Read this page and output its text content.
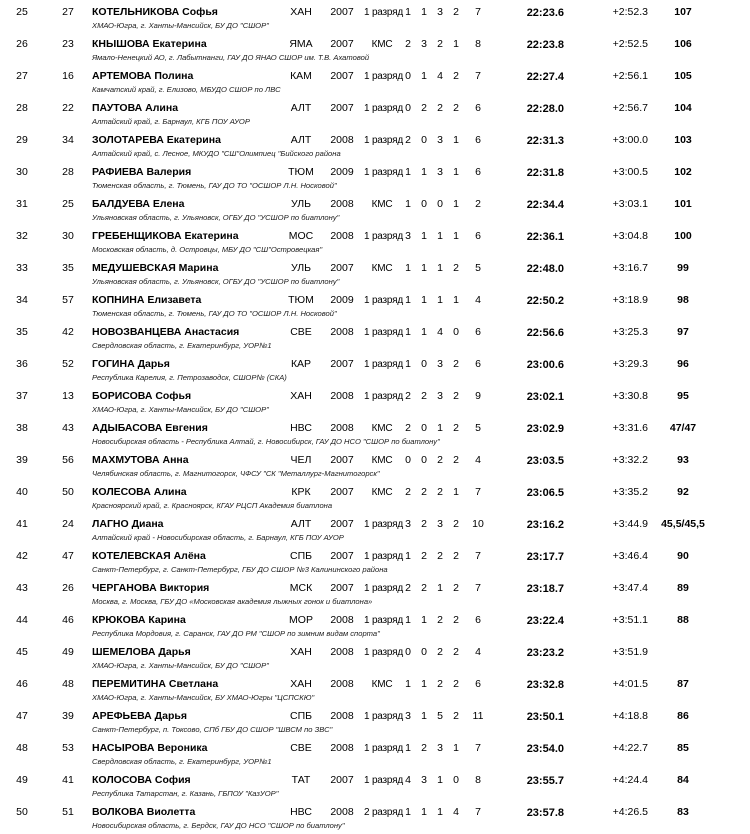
25	27	КОТЕЛЬНИКОВА Софья
ХМАО-Югра, г. Ханты-Мансийск, БУ ДО "СШОР"
ХАН	2007	1 разряд 1 1 3 2	7	22:23.6	+2:52.3	107
26	23	КНЫШОВА Екатерина
Ямало-Ненецкий АО, г. Лабытнанги, ГАУ ДО ЯНАО СШОР им. Т.В. Ахатовой
ЯМА	2007	КМС	2 3 2 1	8	22:23.8	+2:52.5	106
27	16	АРТЕМОВА Полина
Камчатский край, г. Елизово, МБУДО СШОР по ЛВС
КАМ	2007	1 разряд 0 1 4 2	7	22:27.4	+2:56.1	105
28	22	ПАУТОВА Алина
Алтайский край, г. Барнаул, КГБ ПОУ АУОР
АЛТ	2007	1 разряд 0 2 2 2	6	22:28.0	+2:56.7	104
29	34	ЗОЛОТАРЕВА Екатерина
Алтайский край, с. Лесное, МКУДО "СШ"Олимпиец "Бийского района
АЛТ	2008	1 разряд 2 0 3 1	6	22:31.3	+3:00.0	103
30	28	РАФИЕВА Валерия
Тюменская область, г. Тюмень, ГАУ ДО ТО "ОСШОР Л.Н. Носковой"
ТЮМ	2009	1 разряд 1 1 3 1	6	22:31.8	+3:00.5	102
31	25	БАЛДУЕВА Елена
Ульяновская область, г. Ульяновск, ОГБУ ДО "УСШОР по биатлону"
УЛЬ	2008	КМС	1 0 0 1	2	22:34.4	+3:03.1	101
32	30	ГРЕБЕНЩИКОВА Екатерина
Московская область, д. Островцы, МБУ ДО "СШ"Островецкая"
МОС	2008	1 разряд 3 1 1 1	6	22:36.1	+3:04.8	100
33	35	МЕДУШЕВСКАЯ Марина
Ульяновская область, г. Ульяновск, ОГБУ ДО "УСШОР по биатлону"
УЛЬ	2007	КМС	1 1 1 2	5	22:48.0	+3:16.7	99
34	57	КОПНИНА Елизавета
Тюменская область, г. Тюмень, ГАУ ДО ТО "ОСШОР Л.Н. Носковой"
ТЮМ	2009	1 разряд 1 1 1 1	4	22:50.2	+3:18.9	98
35	42	НОВОЗВАНЦЕВА Анастасия
Свердловская область, г. Екатеринбург, УОР№1
СВЕ	2008	1 разряд 1 1 4 0	6	22:56.6	+3:25.3	97
36	52	ГОГИНА Дарья
Республика Карелия, г. Петрозаводск, СШОР№ (СКА)
КАР	2007	1 разряд 1 0 3 2	6	23:00.6	+3:29.3	96
37	13	БОРИСОВА Софья
ХМАО-Югра, г. Ханты-Мансийск, БУ ДО "СШОР"
ХАН	2008	1 разряд 2 2 3 2	9	23:02.1	+3:30.8	95
38	43	АДЫБАСОВА Евгения
Новосибирская область - Республика Алтай, г. Новосибирск, ГАУ ДО НСО "СШОР по биатлону"
НВС	2008	КМС	2 0 1 2	5	23:02.9	+3:31.6	47/47
39	56	МАХМУТОВА Анна
Челябинская область, г. Магнитогорск, ЧФСУ "СК "Металлург-Магнитогорск"
ЧЕЛ	2007	КМС	0 0 2 2	4	23:03.5	+3:32.2	93
40	50	КОЛЕСОВА Алина
Красноярский край, г. Красноярск, КГАУ РЦСП Академия биатлона
КРК	2007	КМС	2 2 2 1	7	23:06.5	+3:35.2	92
41	24	ЛАГНО Диана
Алтайский край - Новосибирская область, г. Барнаул, КГБ ПОУ АУОР
АЛТ	2007	1 разряд 3 2 3 2	10	23:16.2	+3:44.9	45,5/45,5
42	47	КОТЕЛЕВСКАЯ Алёна
Санкт-Петербург, г. Санкт-Петербург, ГБУ ДО СШОР №3 Калининского района
СПБ	2007	1 разряд 1 2 2 2	7	23:17.7	+3:46.4	90
43	26	ЧЕРГАНОВА Виктория
Москва, г. Москва, ГБУ ДО «Московская академия лыжных гонок и биатлона»
МСК	2007	1 разряд 2 2 1 2	7	23:18.7	+3:47.4	89
44	46	КРЮКОВА Карина
Республика Мордовия, г. Саранск, ГАУ ДО РМ "СШОР по зимним видам спорта"
МОР	2008	1 разряд 1 1 2 2	6	23:22.4	+3:51.1	88
45	49	ШЕМЕЛОВА Дарья
ХМАО-Югра, г. Ханты-Мансийск, БУ ДО "СШОР"
ХАН	2008	1 разряд 0 0 2 2	4	23:23.2	+3:51.9
46	48	ПЕРЕМИТИНА Светлана
ХМАО-Югра, г. Ханты-Мансийск, БУ ХМАО-Югры "ЦСПСКЮ"
ХАН	2008	КМС	1 1 2 2	6	23:32.8	+4:01.5	87
47	39	АРЕФЬЕВА Дарья
Санкт-Петербург, п. Токсово, СПб ГБУ ДО СШОР "ШВСМ по ЗВС"
СПБ	2008	1 разряд 3 1 5 2	11	23:50.1	+4:18.8	86
48	53	НАСЫРОВА Вероника
Свердловская область, г. Екатеринбург, УОР№1
СВЕ	2008	1 разряд 1 2 3 1	7	23:54.0	+4:22.7	85
49	41	КОЛОСОВА София
Республика Татарстан, г. Казань, ГБПОУ "КазУОР"
ТАТ	2007	1 разряд 4 3 1 0	8	23:55.7	+4:24.4	84
50	51	ВОЛКОВА Виолетта
Новосибирская область, г. Бердск, ГАУ ДО НСО "СШОР по биатлону"
НВС	2008	2 разряд 1 1 1 4	7	23:57.8	+4:26.5	83
